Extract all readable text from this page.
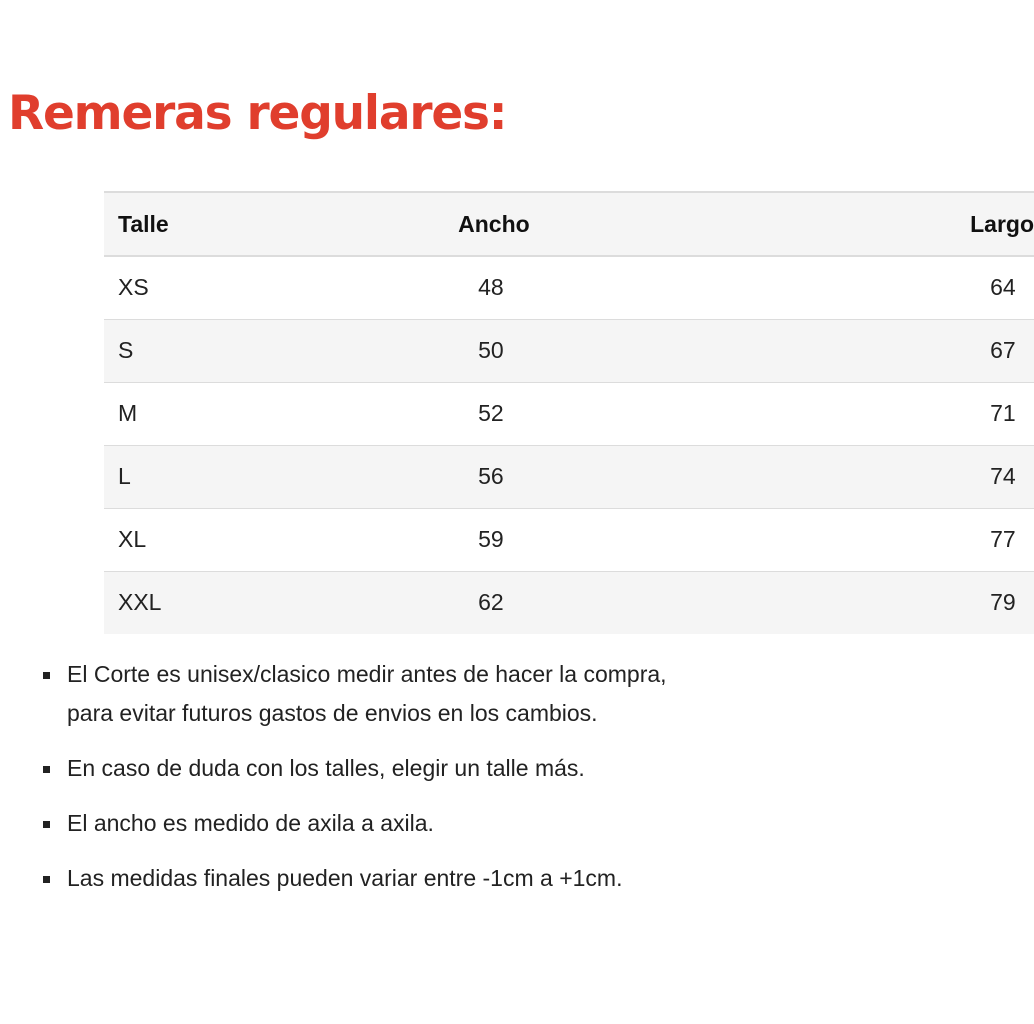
Remeras regulares:
Talle	Ancho	Largo
XS	48	64
S	50	67
M	52	71
L	56	74
XL	59	77
XXL	62	79
El Corte es unisex/clasico medir antes de hacer la compra,
para evitar futuros gastos de envios en los cambios.
En caso de duda con los talles, elegir un talle más.
El ancho es medido de axila a axila.
Las medidas finales pueden variar entre -1cm a +1cm.
